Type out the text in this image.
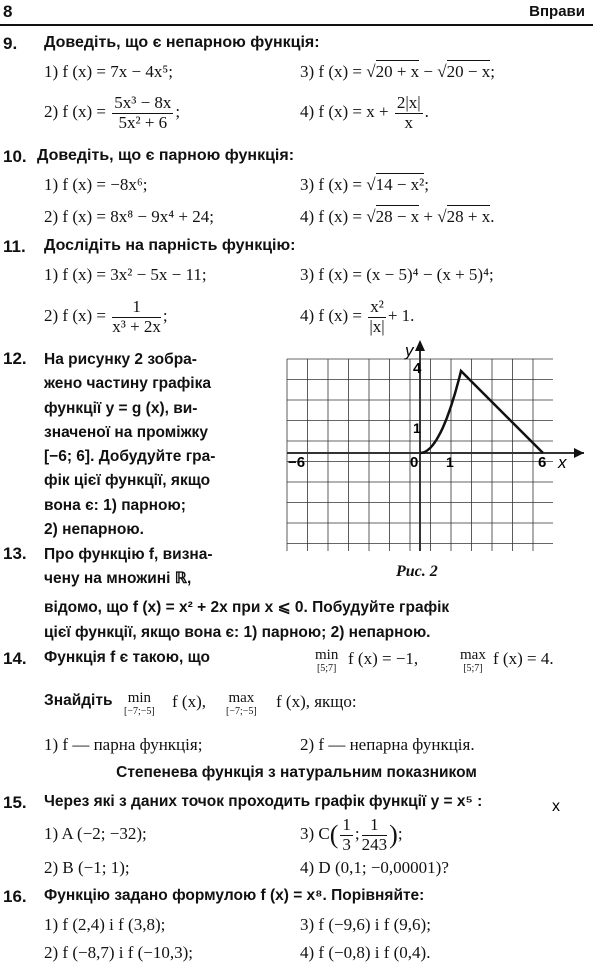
8	Вправи
9. Доведіть, що є непарною функція:
1) f (x) = 7x − 4x⁵;	3) f (x) = √20 + x − √20 − x;
2) f $(x) = \frac{\text{5x³ − 8x}}{\text{5x² + 6}}$ ;	4) f $(x) = x + \frac{2|x|}{x}$ .
10. Доведіть, що є парною функція:
1) f (x) = −8x⁶;	3) f (x) = √14 − x²;
2) f (x) = 8x⁸ − 9x⁴ + 24;	4) f (x) = √28 − x + √28 + x.
11. Дослідіть на парність функцію:
1) f (x) = 3x² − 5x − 11;	3) f (x) = (x − 5)⁴ − (x + 5)⁴;
2) f $(x) = \frac{1}{\text{x³ + 2x}}$ ;	4) f $(x) = \frac{\text{x²}}{|x|} + 1$.
12. На рисунку 2 зобра-
жено частину графіка
функції y = g (x), ви-
значеної на проміжку
[−6; 6]. Добудуйте гра-
фік цієї функції, якщо
вона є: 1) парною;
2) непарною.
13. Про функцію f, визна-
чену на множині ℝ,
відомо, що f (x) = x² + 2x при x ⩽ 0. Побудуйте графік
цієї функції, якщо вона є: 1) парною; 2) непарною.
x
−6	0 1	6
1
4
x
y
Рис. 2
14. Функція f є такою, що	min
[5;7]
f (x) = −1,	max
[5;7]
f (x) = 4.
Знайдіть min
[−7;−5]
f (x), max
[−7;−5]
f (x), якщо:
1) f — парна функція;	2) f — непарна функція.
Степенева функція з натуральним показником
15. Через які з даних точок проходить графік функції y = x⁵ :
1) A (−2; −32);	3) $C( \frac{1}{3}$ ; $\frac{1}{243}$ );
2) B (−1; 1);	4) D (0,1; −0,00001)?
16. Функцію задано формулою f (x) = x⁸. Порівняйте:
1) f (2,4) і f (3,8);	3) f (−9,6) і f (9,6);
2) f (−8,7) і f (−10,3);	4) f (−0,8) і f (0,4).
